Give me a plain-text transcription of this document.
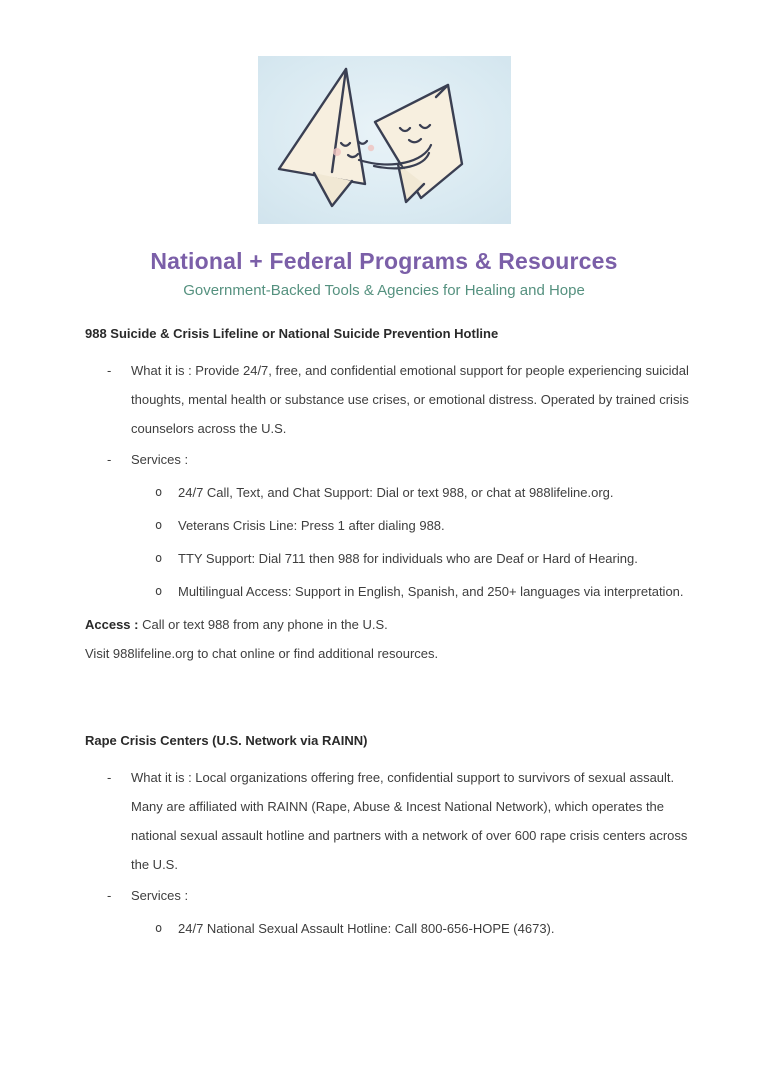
National + Federal Programs & Resources
Government-Backed Tools & Agencies for Healing and Hope
988 Suicide & Crisis Lifeline or National Suicide Prevention Hotline
- What it is : Provide 24/7, free, and confidential emotional support for people experiencing suicidal thoughts, mental health or substance use crises, or emotional distress. Operated by trained crisis counselors across the U.S.

- Services :

o 24/7 Call, Text, and Chat Support: Dial or text 988, or chat at 988lifeline.org.

o Veterans Crisis Line: Press 1 after dialing 988.

o TTY Support: Dial 711 then 988 for individuals who are Deaf or Hard of Hearing.

o Multilingual Access: Support in English, Spanish, and 250+ languages via interpretation.

Access : Call or text 988 from any phone in the U.S.

Visit 988lifeline.org to chat online or find additional resources.

Rape Crisis Centers (U.S. Network via RAINN)
- What it is : Local organizations offering free, confidential support to survivors of sexual assault. Many are affiliated with RAINN (Rape, Abuse & Incest National Network), which operates the national sexual assault hotline and partners with a network of over 600 rape crisis centers across the U.S.

- Services :

o 24/7 National Sexual Assault Hotline: Call 800-656-HOPE (4673).
